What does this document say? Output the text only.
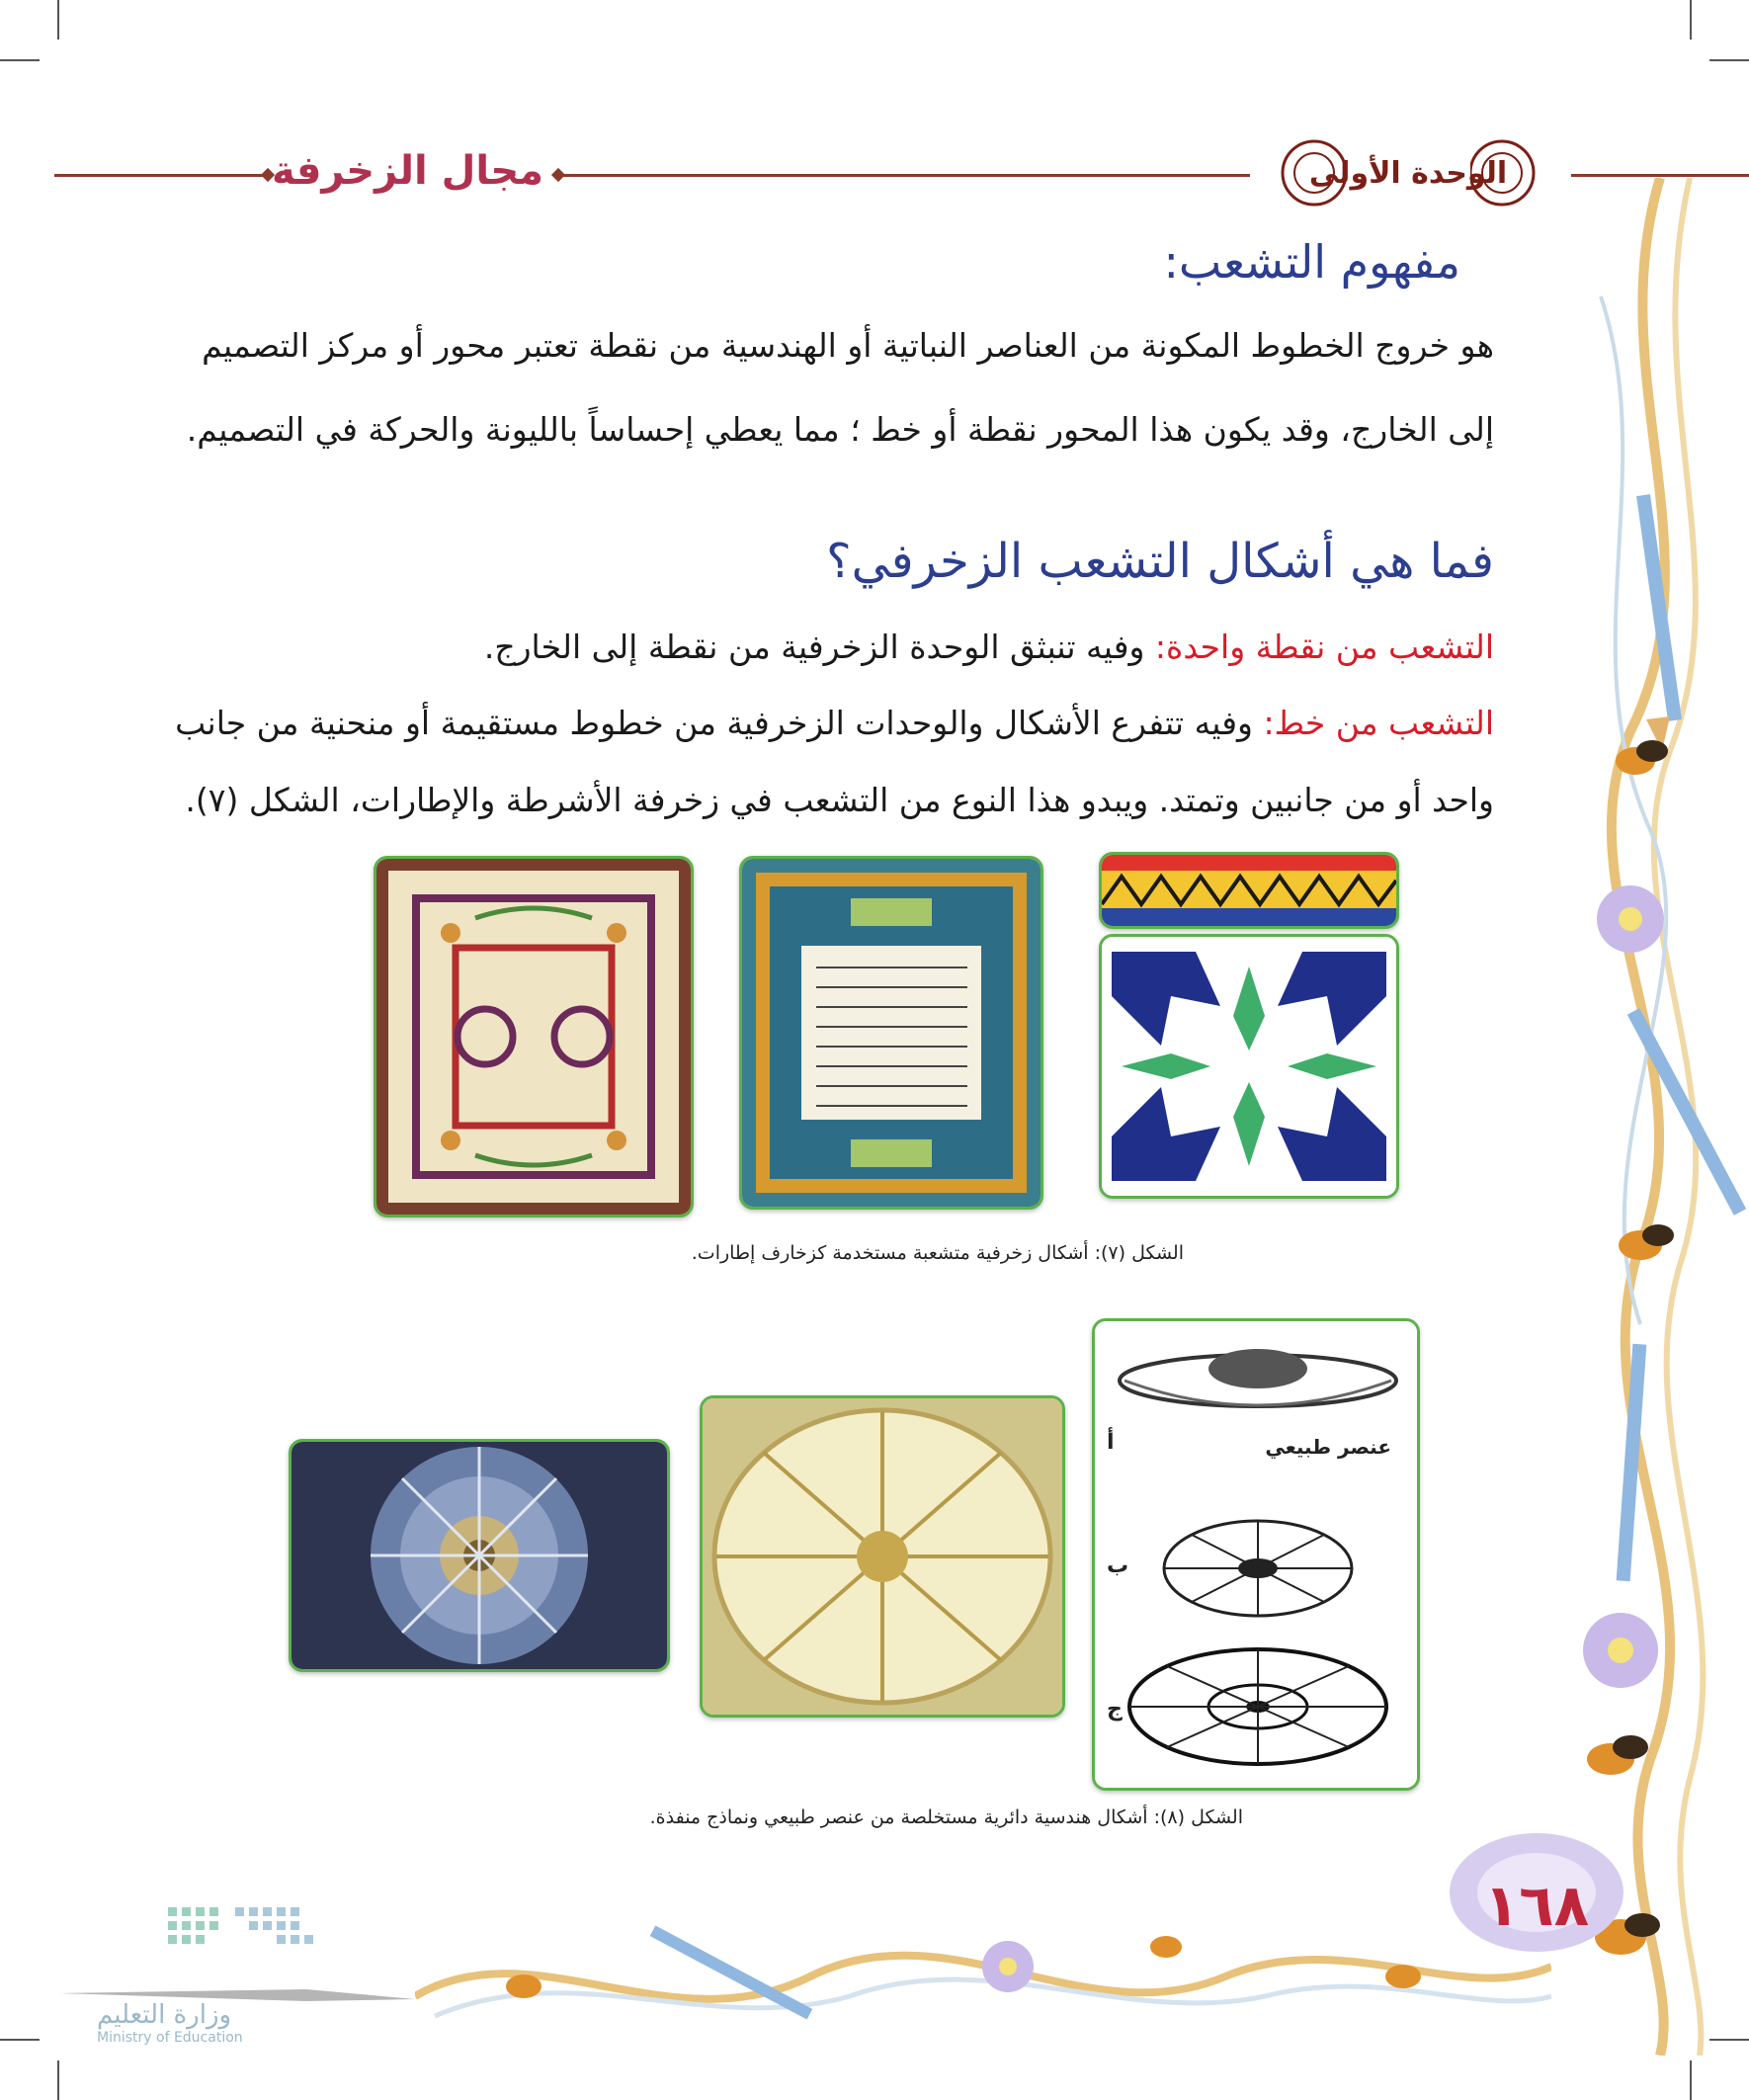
مجال الزخرفة	الوحدة الأولى
مفهوم التشعب:
هو خروج الخطوط المكونة من العناصر النباتية أو الهندسية من نقطة تعتبر محور أو مركز التصميم
إلى الخارج، وقد يكون هذا المحور نقطة أو خط ؛ مما يعطي إحساساً بالليونة والحركة في التصميم.
فما هي أشكال التشعب الزخرفي؟
التشعب من نقطة واحدة: وفيه تنبثق الوحدة الزخرفية من نقطة إلى الخارج.
التشعب من خط: وفيه تتفرع الأشكال والوحدات الزخرفية من خطوط مستقيمة أو منحنية من جانب
واحد أو من جانبين وتمتد. ويبدو هذا النوع من التشعب في زخرفة الأشرطة والإطارات، الشكل (٧).
الشكل (٧): أشكال زخرفية متشعبة مستخدمة كزخارف إطارات.
عنصر طبيعي
أ
ب
ج
الشكل (٨): أشكال هندسية دائرية مستخلصة من عنصر طبيعي ونماذج منفذة.
١٦٨
وزارة التعليم
Ministry of Education
